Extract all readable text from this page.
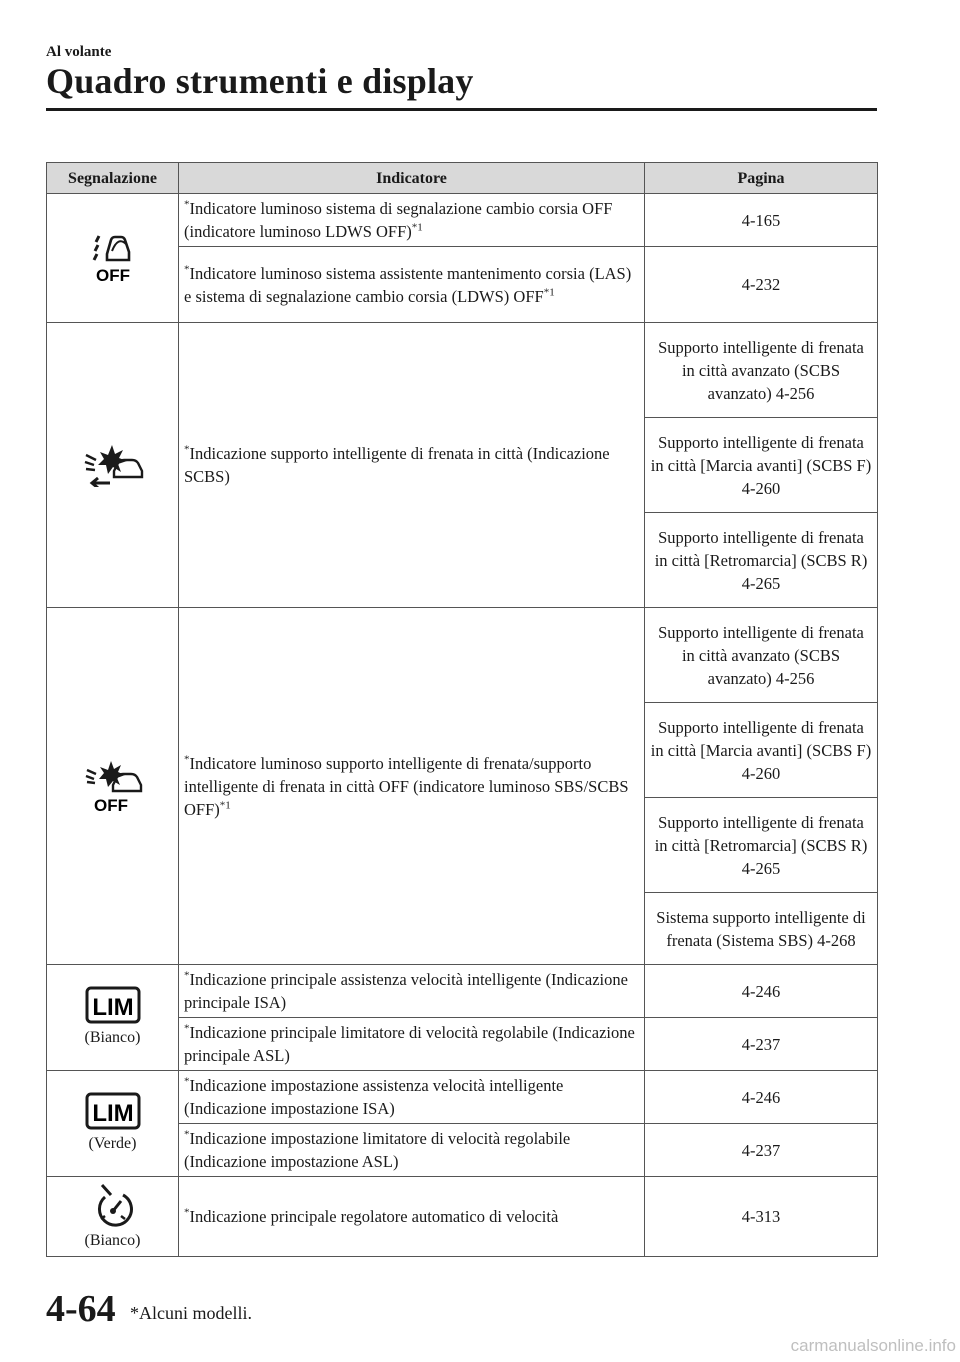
Al volante
Quadro strumenti e display
Segnalazione	Indicatore	Pagina

OFF	*Indicatore luminoso sistema di segnalazione cambio corsia OFF (indicatore luminoso LDWS OFF)$^{*1}$	4-165
	*Indicatore luminoso sistema assistente mantenimento corsia (LAS) e sistema di segnalazione cambio corsia (LDWS) OFF$^{*1}$	4-232

	*Indicazione supporto intelligente di frenata in città (Indicazione SCBS)	Supporto intelligente di frenata in città avanzato (SCBS avanzato) 4-256
		Supporto intelligente di frenata in città [Marcia avanti] (SCBS F) 4-260
		Supporto intelligente di frenata in città [Retromarcia] (SCBS R) 4-265

OFF	*Indicatore luminoso supporto intelligente di frenata/supporto intelligente di frenata in città OFF (indicatore luminoso SBS/SCBS OFF)$^{*1}$	Supporto intelligente di frenata in città avanzato (SCBS avanzato) 4-256
		Supporto intelligente di frenata in città [Marcia avanti] (SCBS F) 4-260
		Supporto intelligente di frenata in città [Retromarcia] (SCBS R) 4-265
		Sistema supporto intelligente di frenata (Sistema SBS) 4-268

LIM
(Bianco)	*Indicazione principale assistenza velocità intelligente (Indicazione principale ISA)	4-246
	*Indicazione principale limitatore di velocità regolabile (Indicazione principale ASL)	4-237

LIM
(Verde)	*Indicazione impostazione assistenza velocità intelligente (Indicazione impostazione ISA)	4-246
	*Indicazione impostazione limitatore di velocità regolabile (Indicazione impostazione ASL)	4-237

(Bianco)	*Indicazione principale regolatore automatico di velocità	4-313
4-64 *Alcuni modelli.
carmanualsonline.info
